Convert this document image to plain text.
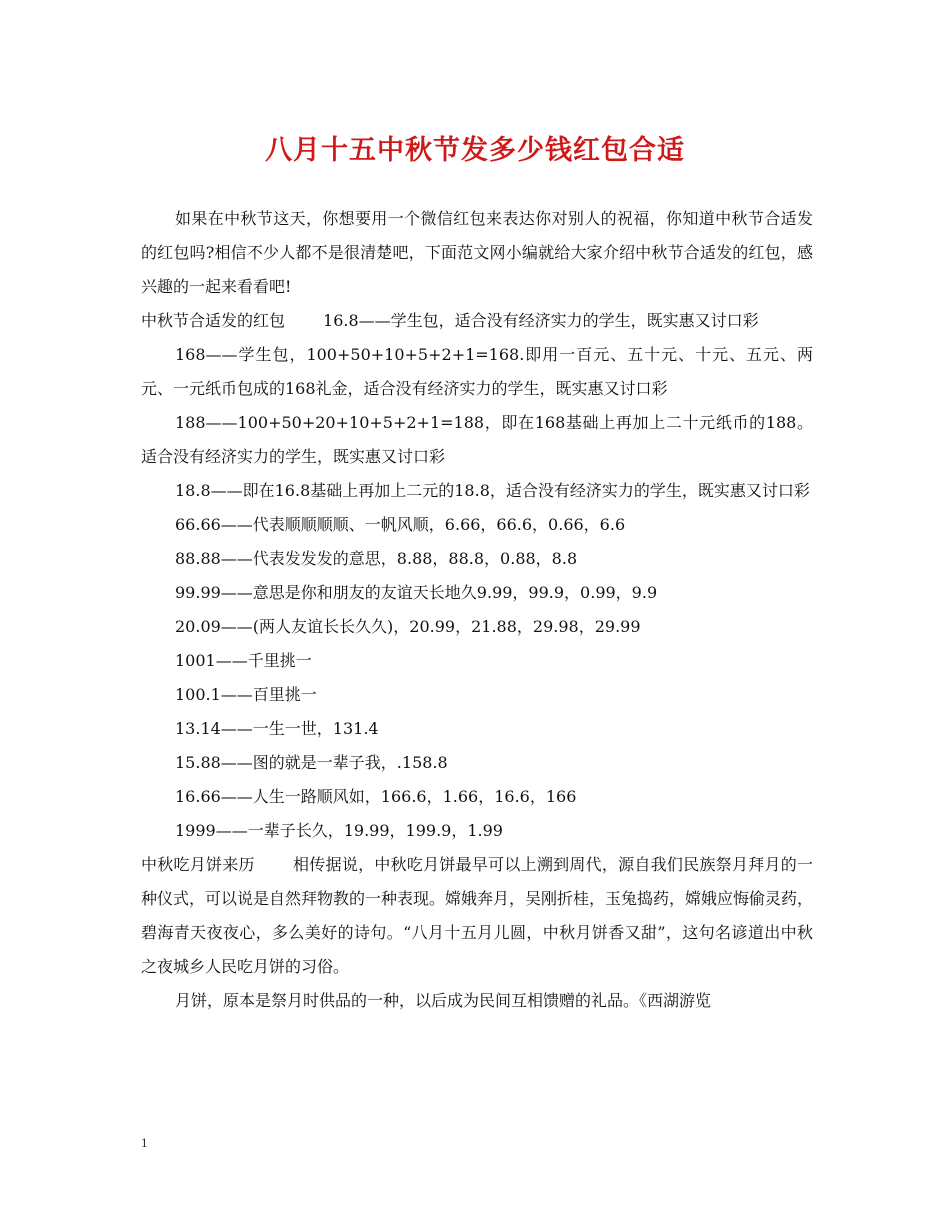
八月十五中秋节发多少钱红包合适

如果在中秋节这天，你想要用一个微信红包来表达你对别人的祝福，你知道中秋节合适发的红包吗?相信不少人都不是很清楚吧，下面范文网小编就给大家介绍中秋节合适发的红包，感兴趣的一起来看看吧!

中秋节合适发的红包 16.8——学生包，适合没有经济实力的学生，既实惠又讨口彩

168——学生包，100+50+10+5+2+1=168.即用一百元、五十元、十元、五元、两元、一元纸币包成的168礼金，适合没有经济实力的学生，既实惠又讨口彩

188——100+50+20+10+5+2+1=188，即在168基础上再加上二十元纸币的188。适合没有经济实力的学生，既实惠又讨口彩

18.8——即在16.8基础上再加上二元的18.8，适合没有经济实力的学生，既实惠又讨口彩

66.66——代表顺顺顺顺、一帆风顺，6.66，66.6，0.66，6.6

88.88——代表发发发的意思，8.88，88.8，0.88，8.8

99.99——意思是你和朋友的友谊天长地久9.99，99.9，0.99，9.9

20.09——(两人友谊长长久久)，20.99，21.88，29.98，29.99

1001——千里挑一

100.1——百里挑一

13.14——一生一世，131.4

15.88——图的就是一辈子我，.158.8

16.66——人生一路顺风如，166.6，1.66，16.6，166

1999——一辈子长久，19.99，199.9，1.99

中秋吃月饼来历 相传据说，中秋吃月饼最早可以上溯到周代，源自我们民族祭月拜月的一种仪式，可以说是自然拜物教的一种表现。嫦娥奔月，吴刚折桂，玉兔捣药，嫦娥应悔偷灵药，碧海青天夜夜心，多么美好的诗句。“八月十五月儿圆，中秋月饼香又甜”，这句名谚道出中秋之夜城乡人民吃月饼的习俗。

月饼，原本是祭月时供品的一种，以后成为民间互相馈赠的礼品。《西湖游览

1
